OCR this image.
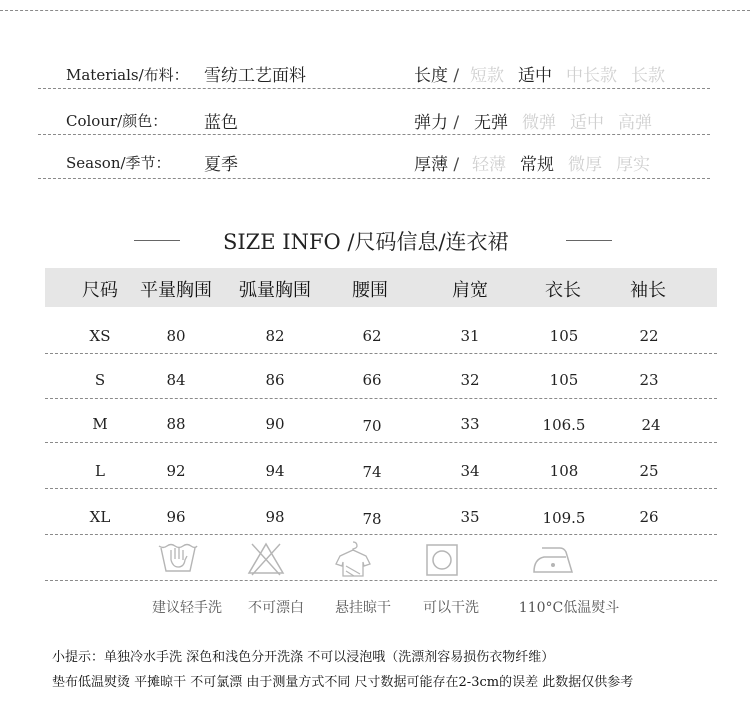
Materials/布料： 雪纺工艺面料	长度 / 短款 适中 中长款 长款
Colour/颜色： 蓝色	弹力 / 无弹 微弹 适中 高弹
Season/季节： 夏季	厚薄 / 轻薄 常规 微厚 厚实
SIZE INFO /尺码信息/连衣裙
尺码 平量胸围 弧量胸围 腰围	肩宽	衣长	袖长
XS	80	82	62	31	105	22
S	84	86	66	32	105	23
M	88	90	70	33	106.5	24
L	92	94	74	34	108	25
XL	96	98	78	35	109.5	26
建议轻手洗 不可漂白 悬挂晾干 可以干洗	110°C低温熨斗
小提示：单独冷水手洗 深色和浅色分开洗涤 不可以浸泡哦（洗漂剂容易损伤衣物纤维）
垫布低温熨烫 平摊晾干 不可氯漂 由于测量方式不同 尺寸数据可能存在2-3cm的误差 此数据仅供参考
